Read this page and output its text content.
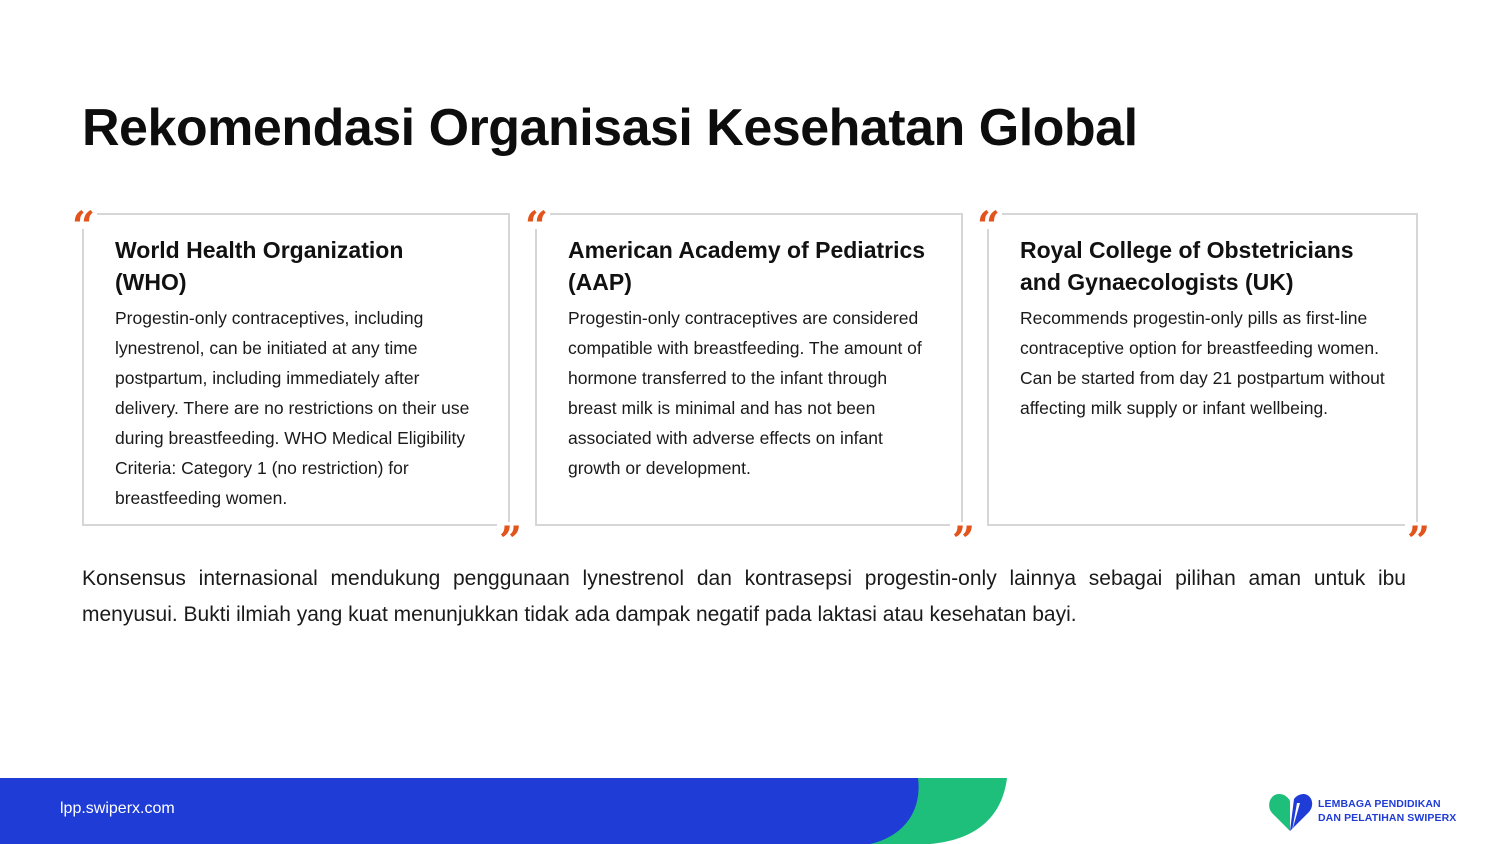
Rekomendasi Organisasi Kesehatan Global
“ World Health Organization (WHO)

Progestin-only contraceptives, including lynestrenol, can be initiated at any time postpartum, including immediately after delivery. There are no restrictions on their use during breastfeeding. WHO Medical Eligibility Criteria: Category 1 (no restriction) for breastfeeding women.

”
“ American Academy of Pediatrics (AAP)

Progestin-only contraceptives are considered compatible with breastfeeding. The amount of hormone transferred to the infant through breast milk is minimal and has not been associated with adverse effects on infant growth or development.

”
“ Royal College of Obstetricians and Gynaecologists (UK)

Recommends progestin-only pills as first-line contraceptive option for breastfeeding women. Can be started from day 21 postpartum without affecting milk supply or infant wellbeing.

”

Konsensus internasional mendukung penggunaan lynestrenol dan kontrasepsi progestin-only lainnya sebagai pilihan aman untuk ibu menyusui. Bukti ilmiah yang kuat menunjukkan tidak ada dampak negatif pada laktasi atau kesehatan bayi.

lpp.swiperx.com	LEMBAGA PENDIDIKAN
DAN PELATIHAN SWIPERX
